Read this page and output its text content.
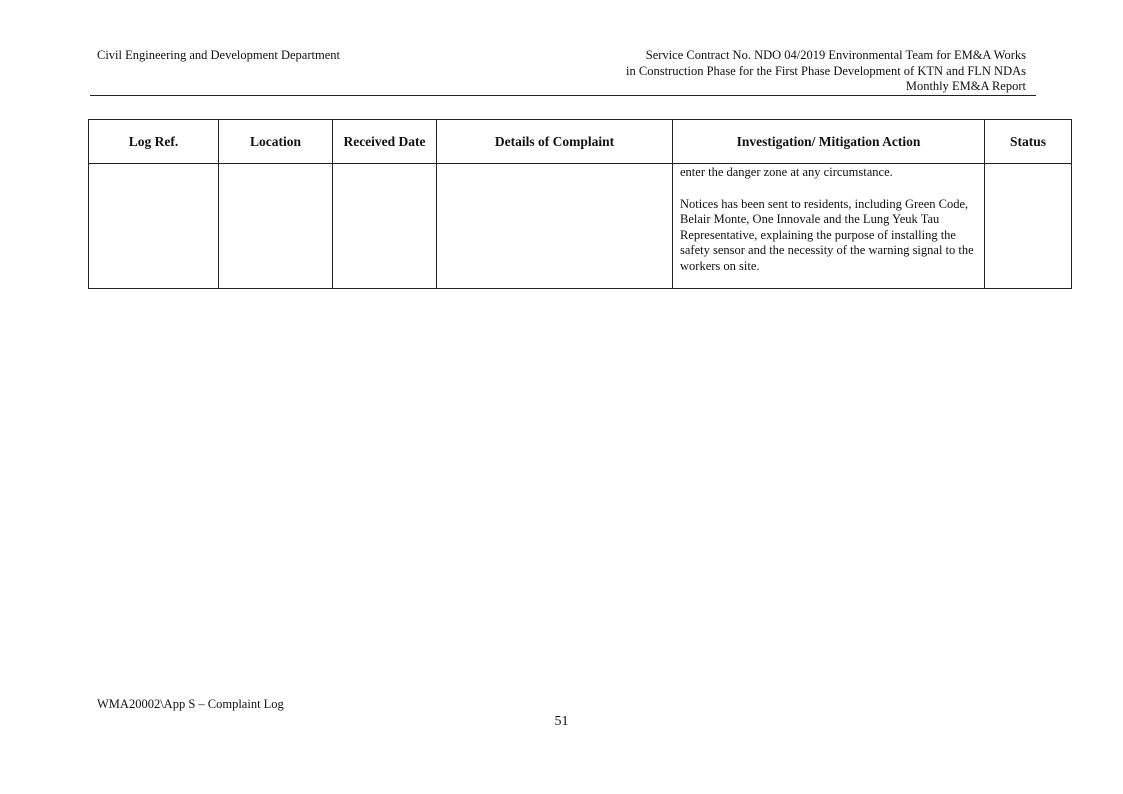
Civil Engineering and Development Department	Service Contract No. NDO 04/2019 Environmental Team for EM&A Works
in Construction Phase for the First Phase Development of KTN and FLN NDAs
Monthly EM&A Report
Log Ref.	Location	Received Date	Details of Complaint	Investigation/ Mitigation Action	Status

				enter the danger zone at any circumstance.

Notices has been sent to residents, including Green Code, Belair Monte, One Innovale and the Lung Yeuk Tau Representative, explaining the purpose of installing the safety sensor and the necessity of the warning signal to the workers on site.	

WMA20002\App S – Complaint Log
51
